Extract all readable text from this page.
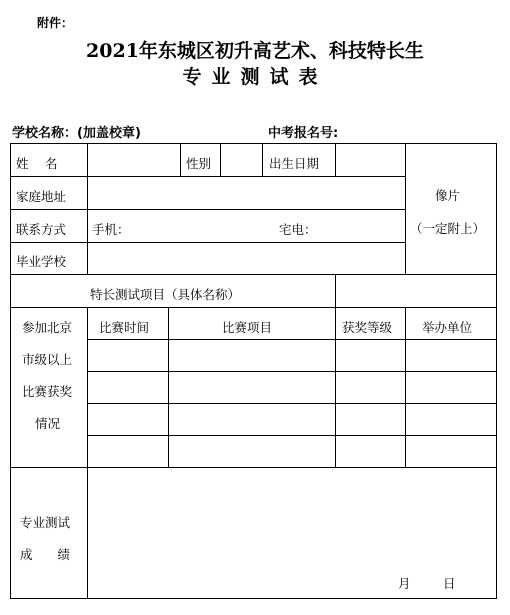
附件：
2021年东城区初升高艺术、科技特长生
专业测试表
学校名称：(加盖校章)	中考报名号:
姓　名	性别	出生日期
像片
（一定附上）
家庭地址
联系方式 手机：	宅电：
毕业学校
特长测试项目（具体名称）
参加北京
市级以上
比赛获奖
情况
比赛时间	比赛项目	获奖等级 举办单位
专业测试
成　　绩
月	日
